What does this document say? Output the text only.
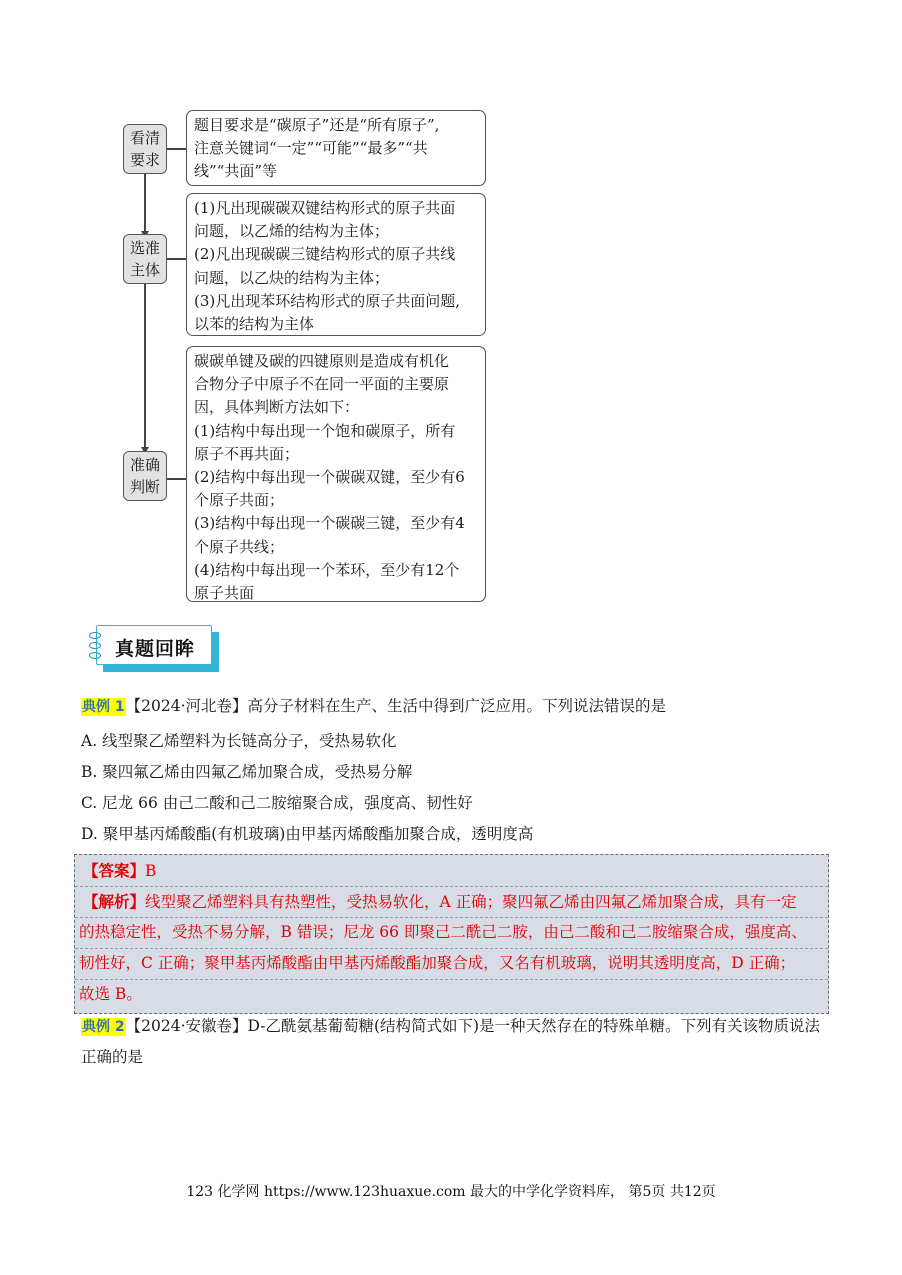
看清
要求
选准
主体
准确
判断
题目要求是“碳原子”还是“所有原子”,
注意关键词“一定”“可能”“最多”“共
线”“共面”等
(1)凡出现碳碳双键结构形式的原子共面
问题，以乙烯的结构为主体；
(2)凡出现碳碳三键结构形式的原子共线
问题，以乙炔的结构为主体；
(3)凡出现苯环结构形式的原子共面问题,
以苯的结构为主体
碳碳单键及碳的四键原则是造成有机化
合物分子中原子不在同一平面的主要原
因，具体判断方法如下：
(1)结构中每出现一个饱和碳原子，所有
原子不再共面；
(2)结构中每出现一个碳碳双键，至少有6
个原子共面；
(3)结构中每出现一个碳碳三键，至少有4
个原子共线；
(4)结构中每出现一个苯环，至少有12个
原子共面
真题回眸
典例 1【2024·河北卷】高分子材料在生产、生活中得到广泛应用。下列说法错误的是
A. 线型聚乙烯塑料为长链高分子，受热易软化
B. 聚四氟乙烯由四氟乙烯加聚合成，受热易分解
C. 尼龙 66 由己二酸和己二胺缩聚合成，强度高、韧性好
D. 聚甲基丙烯酸酯(有机玻璃)由甲基丙烯酸酯加聚合成，透明度高
【答案】B
【解析】线型聚乙烯塑料具有热塑性，受热易软化，A 正确；聚四氟乙烯由四氟乙烯加聚合成，具有一定
的热稳定性，受热不易分解，B 错误；尼龙 66 即聚己二酰己二胺，由己二酸和己二胺缩聚合成，强度高、
韧性好，C 正确；聚甲基丙烯酸酯由甲基丙烯酸酯加聚合成，又名有机玻璃，说明其透明度高，D 正确；
故选 B。
典例 2【2024·安徽卷】D-乙酰氨基葡萄糖(结构简式如下)是一种天然存在的特殊单糖。下列有关该物质说法
正确的是
123 化学网 https://www.123huaxue.com 最大的中学化学资料库， 第5页 共12页
